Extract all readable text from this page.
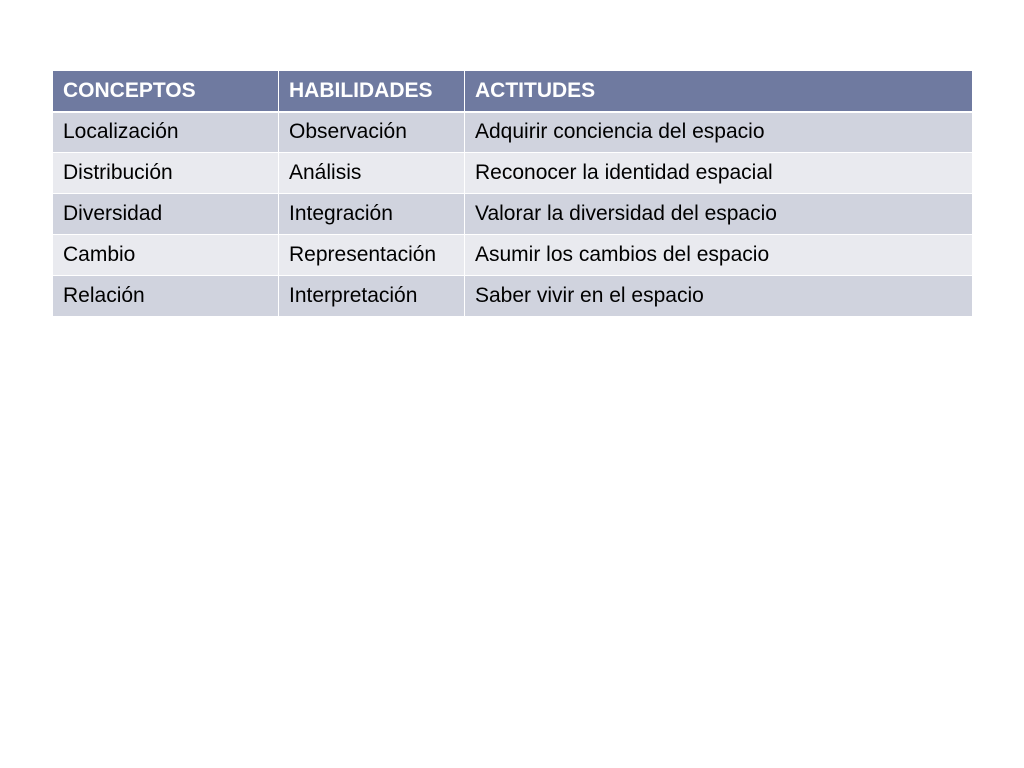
CONCEPTOS	HABILIDADES	ACTITUDES
Localización	Observación	Adquirir conciencia del espacio
Distribución	Análisis	Reconocer la identidad espacial
Diversidad	Integración	Valorar la diversidad del espacio
Cambio	Representación	Asumir los cambios del espacio
Relación	Interpretación	Saber vivir en el espacio
